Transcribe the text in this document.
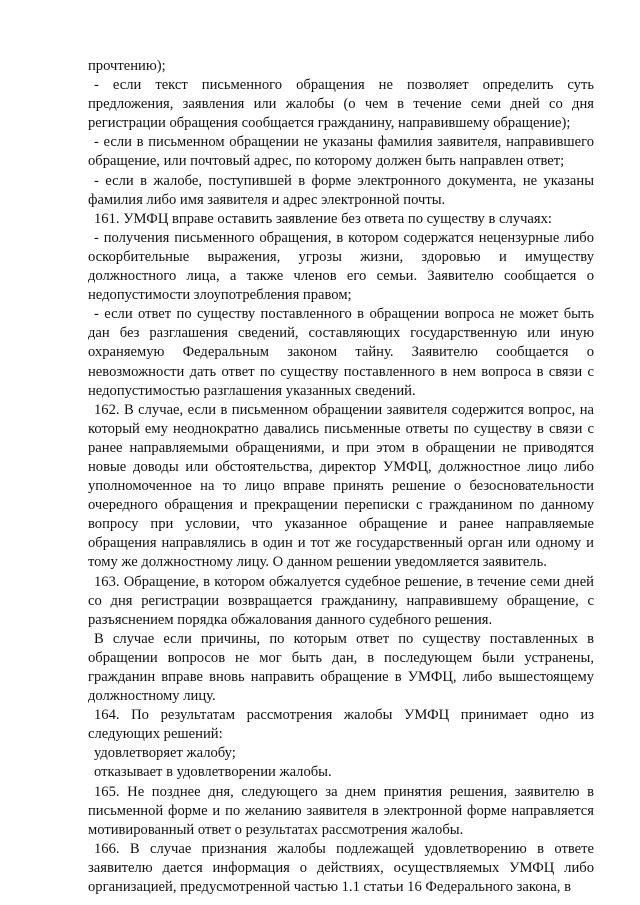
прочтению);

- если текст письменного обращения не позволяет определить суть предложения, заявления или жалобы (о чем в течение семи дней со дня регистрации обращения сообщается гражданину, направившему обращение);

- если в письменном обращении не указаны фамилия заявителя, направившего обращение, или почтовый адрес, по которому должен быть направлен ответ;

- если в жалобе, поступившей в форме электронного документа, не указаны фамилия либо имя заявителя и адрес электронной почты.

161. УМФЦ вправе оставить заявление без ответа по существу в случаях:

- получения письменного обращения, в котором содержатся нецензурные либо оскорбительные выражения, угрозы жизни, здоровью и имуществу должностного лица, а также членов его семьи. Заявителю сообщается о недопустимости злоупотребления правом;

- если ответ по существу поставленного в обращении вопроса не может быть дан без разглашения сведений, составляющих государственную или иную охраняемую Федеральным законом тайну. Заявителю сообщается о невозможности дать ответ по существу поставленного в нем вопроса в связи с недопустимостью разглашения указанных сведений.

162. В случае, если в письменном обращении заявителя содержится вопрос, на который ему неоднократно давались письменные ответы по существу в связи с ранее направляемыми обращениями, и при этом в обращении не приводятся новые доводы или обстоятельства, директор УМФЦ, должностное лицо либо уполномоченное на то лицо вправе принять решение о безосновательности очередного обращения и прекращении переписки с гражданином по данному вопросу при условии, что указанное обращение и ранее направляемые обращения направлялись в один и тот же государственный орган или одному и тому же должностному лицу. О данном решении уведомляется заявитель.

163. Обращение, в котором обжалуется судебное решение, в течение семи дней со дня регистрации возвращается гражданину, направившему обращение, с разъяснением порядка обжалования данного судебного решения.

В случае если причины, по которым ответ по существу поставленных в обращении вопросов не мог быть дан, в последующем были устранены, гражданин вправе вновь направить обращение в УМФЦ, либо вышестоящему должностному лицу.

164. По результатам рассмотрения жалобы УМФЦ принимает одно из следующих решений:

удовлетворяет жалобу;

отказывает в удовлетворении жалобы.

165. Не позднее дня, следующего за днем принятия решения, заявителю в письменной форме и по желанию заявителя в электронной форме направляется мотивированный ответ о результатах рассмотрения жалобы.

166. В случае признания жалобы подлежащей удовлетворению в ответе заявителю дается информация о действиях, осуществляемых УМФЦ либо организацией, предусмотренной частью 1.1 статьи 16 Федерального закона, в
